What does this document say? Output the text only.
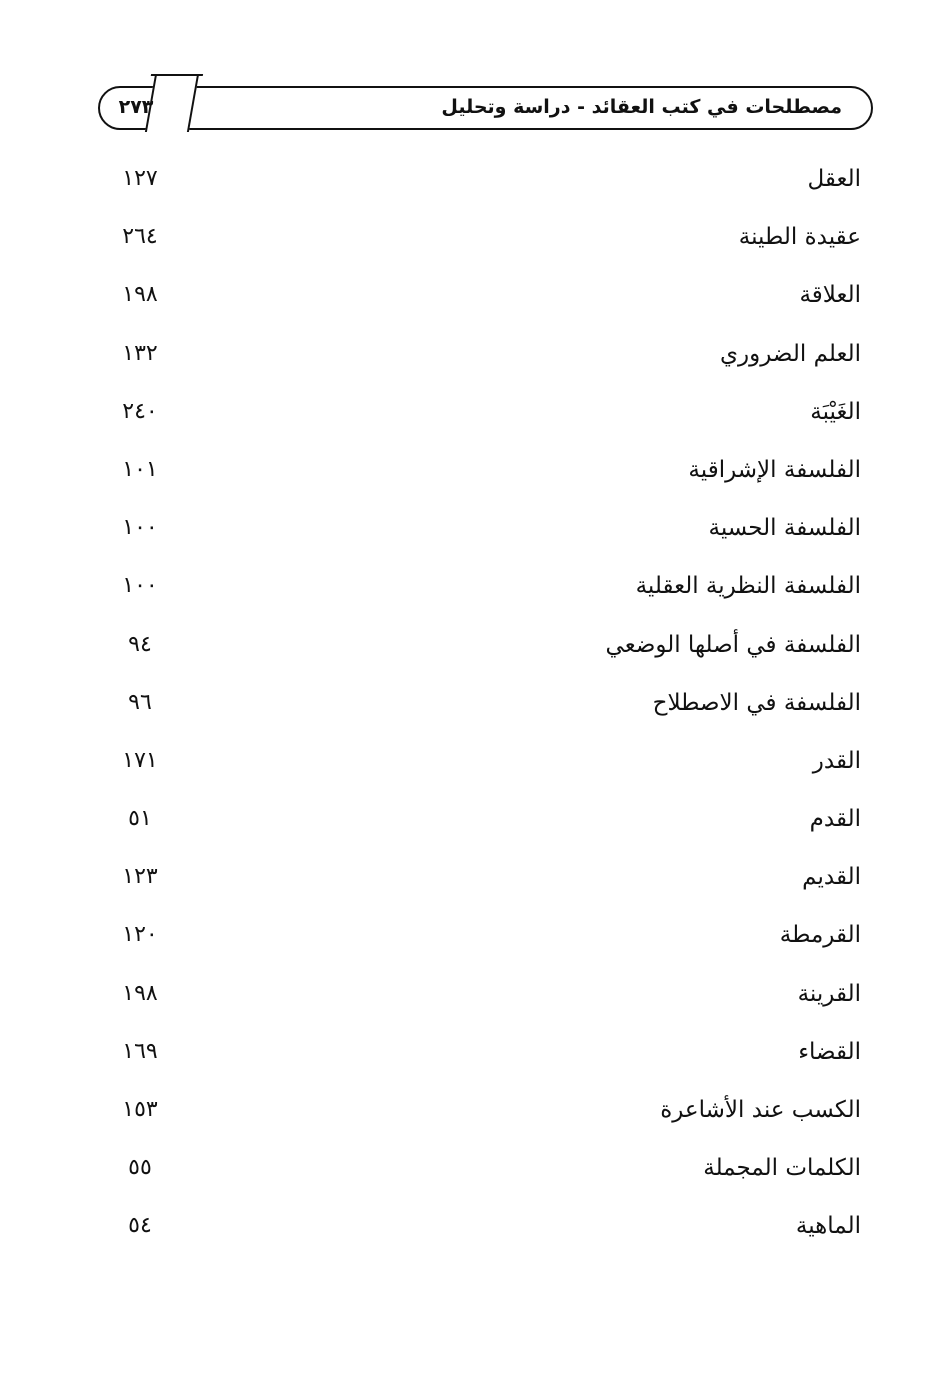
٢٧٣	مصطلحات في كتب العقائد - دراسة وتحليل
العقل
١٢٧
عقيدة الطينة
٢٦٤
العلاقة
١٩٨
العلم الضروري
١٣٢
الغَيْبَة
٢٤٠
الفلسفة الإشراقية
١٠١
الفلسفة الحسية
١٠٠
الفلسفة النظرية العقلية
١٠٠
الفلسفة في أصلها الوضعي
٩٤
الفلسفة في الاصطلاح
٩٦
القدر
١٧١
القدم
٥١
القديم
١٢٣
القرمطة
١٢٠
القرينة
١٩٨
القضاء
١٦٩
الكسب عند الأشاعرة
١٥٣
الكلمات المجملة
٥٥
الماهية
٥٤
